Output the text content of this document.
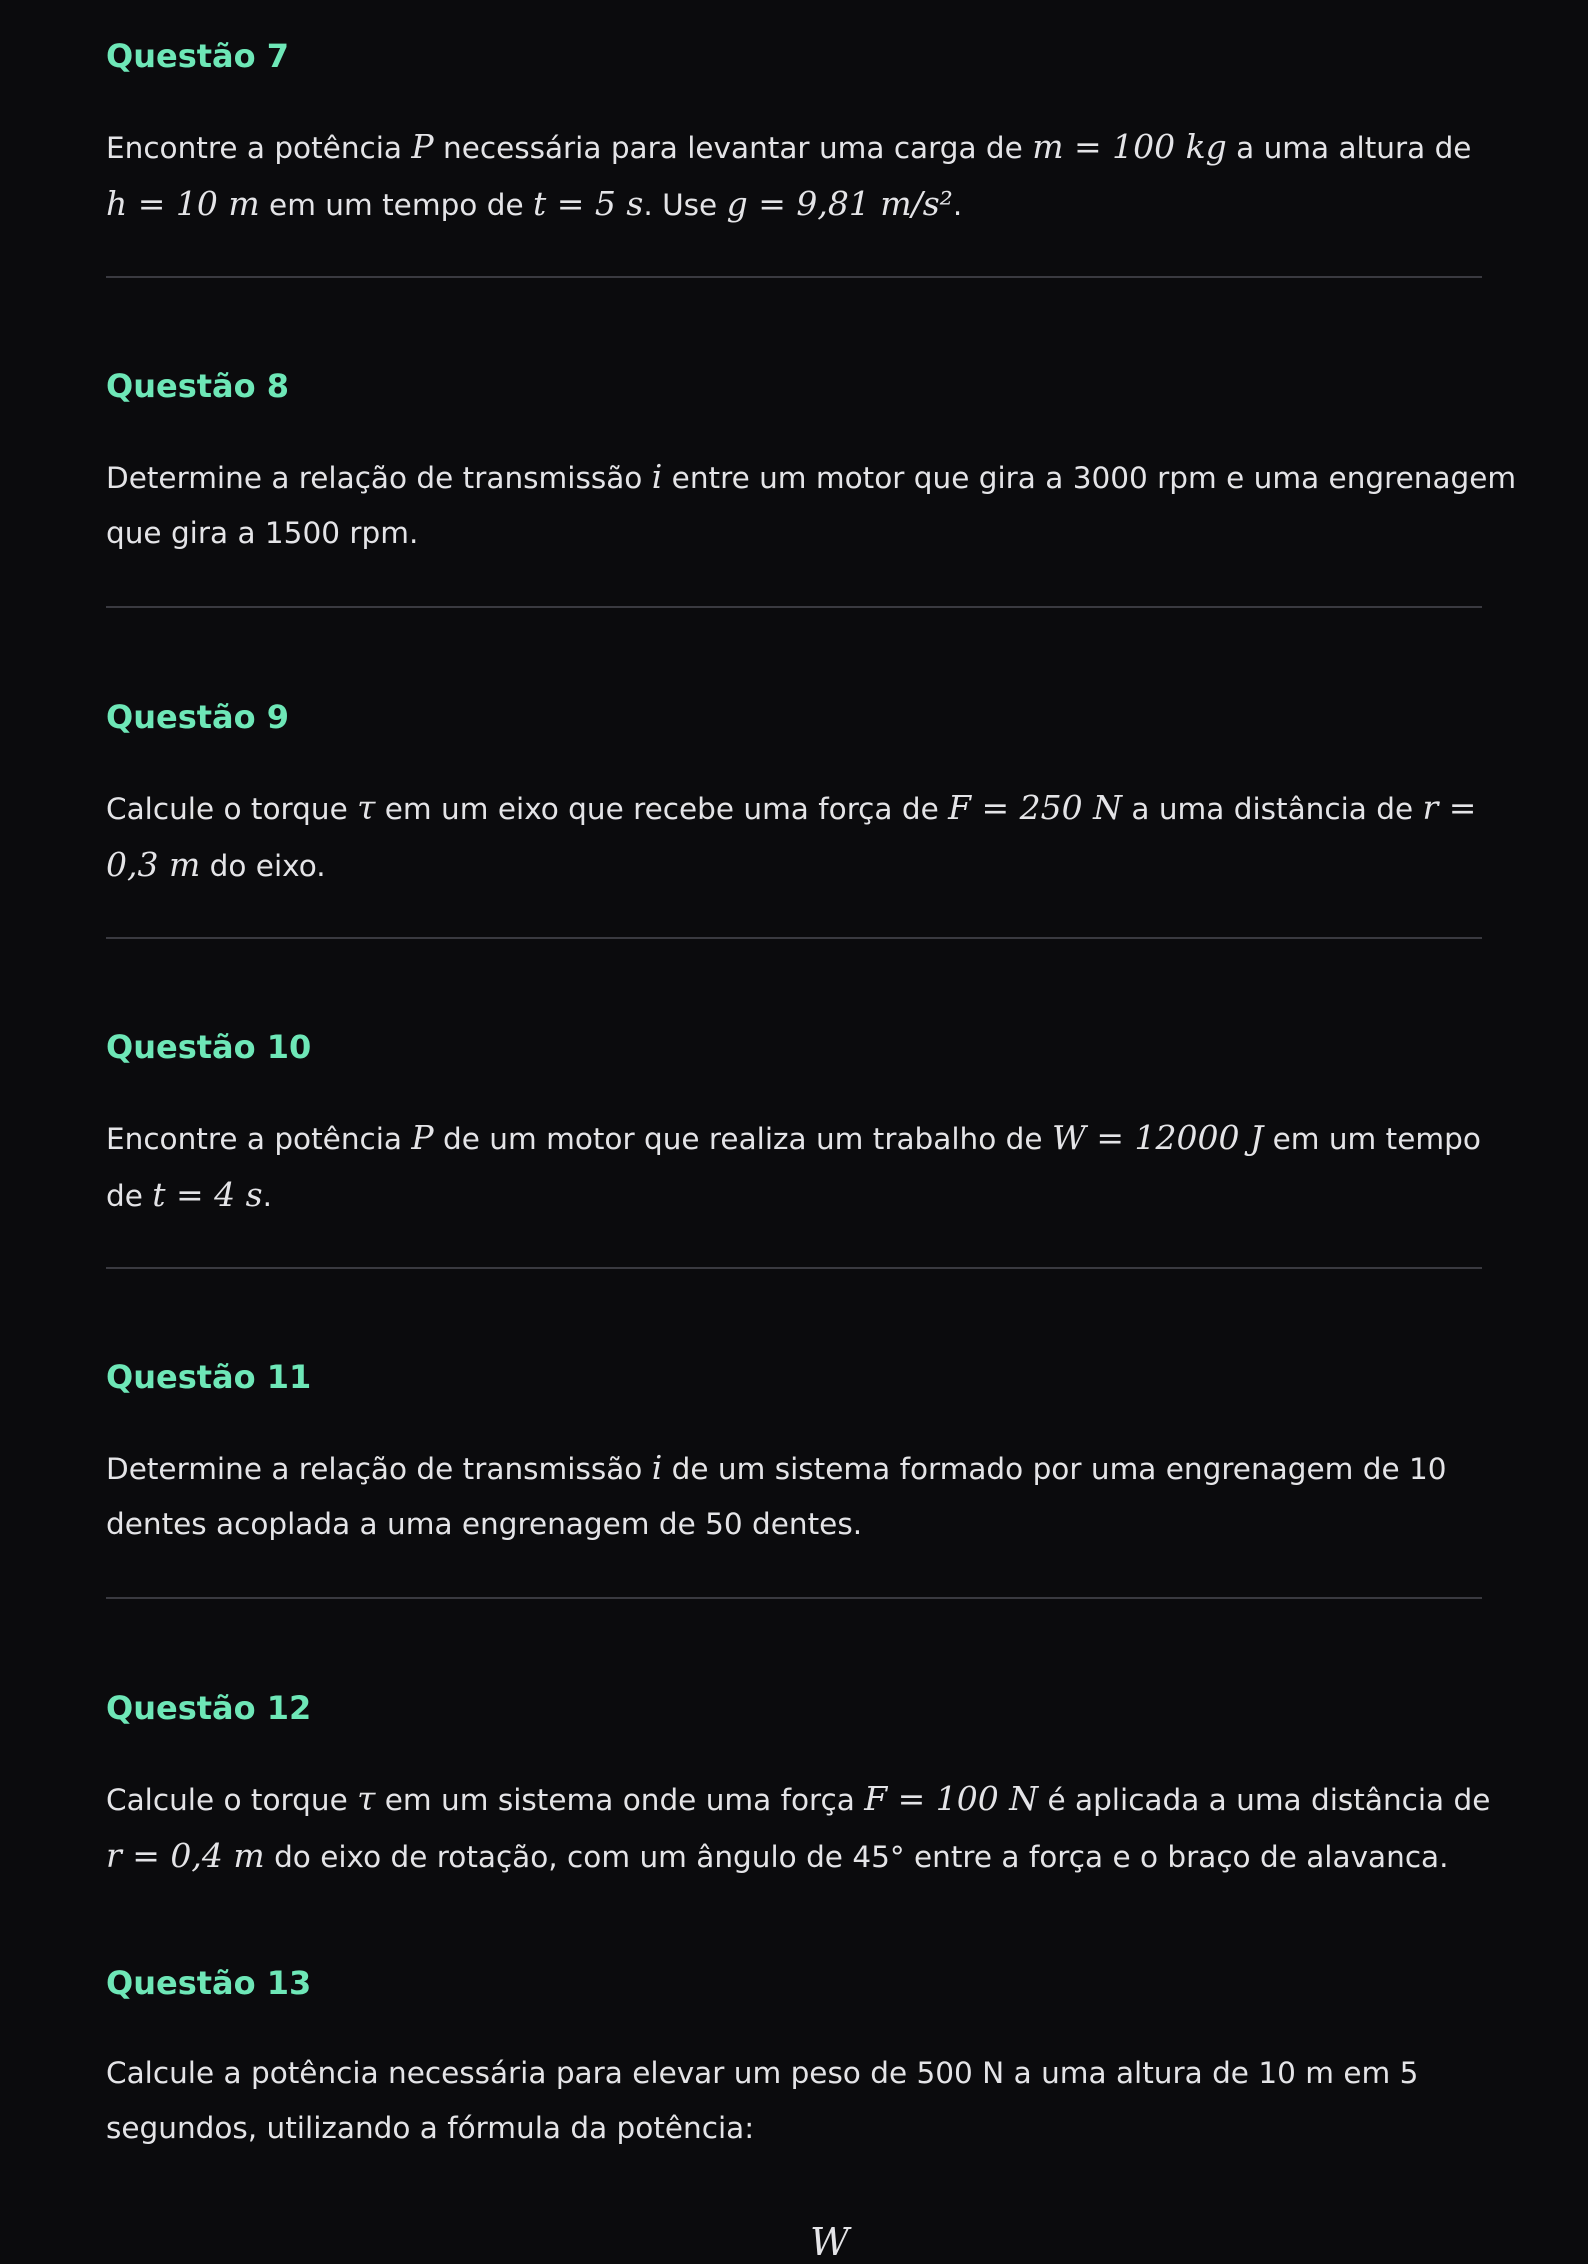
Questão 7
Encontre a potência P necessária para levantar uma carga de m = 100 kg a uma altura de
h = 10 m em um tempo de t = 5 s. Use g = 9,81 m/s².
Questão 8
Determine a relação de transmissão i entre um motor que gira a 3000 rpm e uma engrenagem
que gira a 1500 rpm.
Questão 9
Calcule o torque τ em um eixo que recebe uma força de F = 250 N a uma distância de r =
0,3 m do eixo.
Questão 10
Encontre a potência P de um motor que realiza um trabalho de W = 12000 J em um tempo
de t = 4 s.
Questão 11
Determine a relação de transmissão i de um sistema formado por uma engrenagem de 10
dentes acoplada a uma engrenagem de 50 dentes.
Questão 12
Calcule o torque τ em um sistema onde uma força F = 100 N é aplicada a uma distância de
r = 0,4 m do eixo de rotação, com um ângulo de 45° entre a força e o braço de alavanca.
Questão 13
Calcule a potência necessária para elevar um peso de 500 N a uma altura de 10 m em 5
segundos, utilizando a fórmula da potência:
W
